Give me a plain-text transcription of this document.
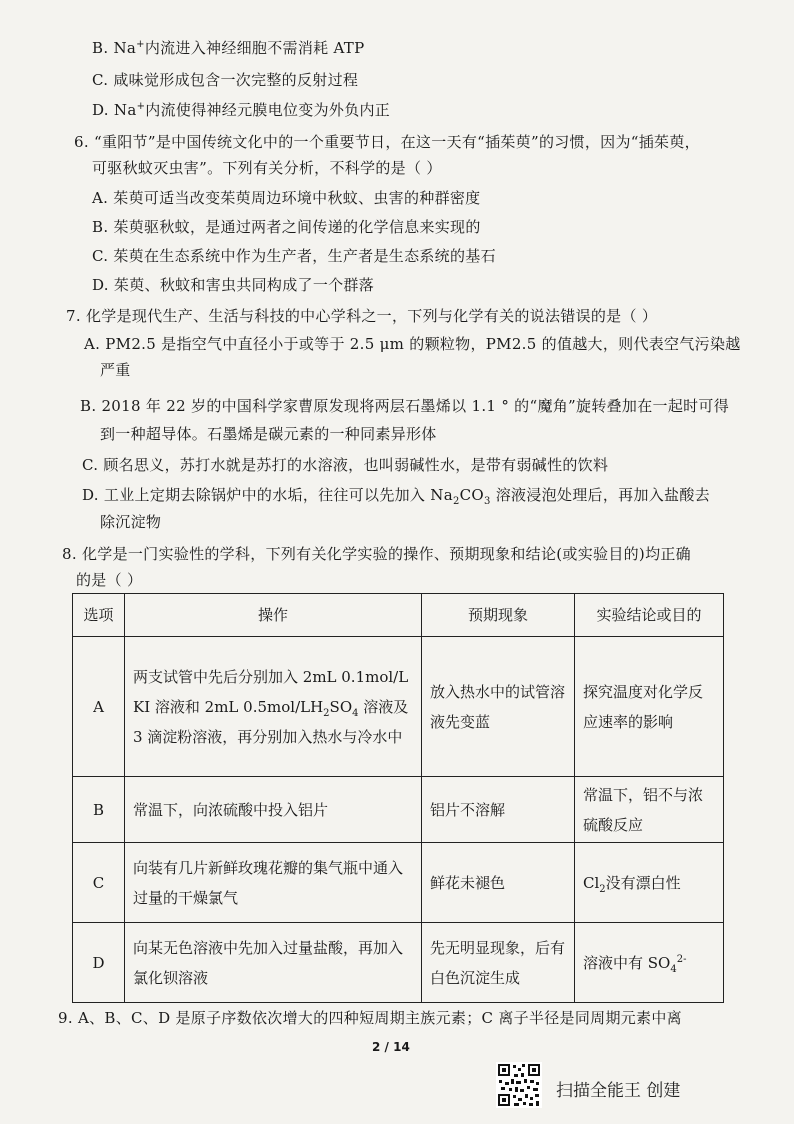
B. Na+内流进入神经细胞不需消耗 ATP
C. 咸味觉形成包含一次完整的反射过程
D. Na+内流使得神经元膜电位变为外负内正
6. “重阳节”是中国传统文化中的一个重要节日，在这一天有“插茱萸”的习惯，因为“插茱萸，
可驱秋蚊灭虫害”。下列有关分析，不科学的是（ ）
A. 茱萸可适当改变茱萸周边环境中秋蚊、虫害的种群密度
B. 茱萸驱秋蚊，是通过两者之间传递的化学信息来实现的
C. 茱萸在生态系统中作为生产者，生产者是生态系统的基石
D. 茱萸、秋蚊和害虫共同构成了一个群落
7. 化学是现代生产、生活与科技的中心学科之一，下列与化学有关的说法错误的是（ ）
A. PM2.5 是指空气中直径小于或等于 2.5 μm 的颗粒物，PM2.5 的值越大，则代表空气污染越
严重
B. 2018 年 22 岁的中国科学家曹原发现将两层石墨烯以 1.1 ° 的“魔角”旋转叠加在一起时可得
到一种超导体。石墨烯是碳元素的一种同素异形体
C. 顾名思义，苏打水就是苏打的水溶液，也叫弱碱性水，是带有弱碱性的饮料
D. 工业上定期去除锅炉中的水垢，往往可以先加入 $Na_2CO_3$ 溶液浸泡处理后，再加入盐酸去
除沉淀物
8. 化学是一门实验性的学科，下列有关化学实验的操作、预期现象和结论(或实验目的)均正确
的是（ ）
选项	操作	预期现象	实验结论或目的
A	两支试管中先后分别加入 2mL 0.1mol/LKI 溶液和 2mL $0.5mol/LH_2SO_4$ 溶液及 3 滴淀粉溶液，再分别加入热水与冷水中	放入热水中的试管溶液先变蓝	探究温度对化学反应速率的影响
B	常温下，向浓硫酸中投入铝片	铝片不溶解	常温下，铝不与浓硫酸反应
C	向装有几片新鲜玫瑰花瓣的集气瓶中通入过量的干燥氯气	鲜花未褪色	$Cl_2$没有漂白性
D	向某无色溶液中先加入过量盐酸，再加入氯化钡溶液	先无明显现象，后有白色沉淀生成	溶液中有 $SO_4^{2-}$
9. A、B、C、D 是原子序数依次增大的四种短周期主族元素；C 离子半径是同周期元素中离
2 / 14
扫描全能王 创建
